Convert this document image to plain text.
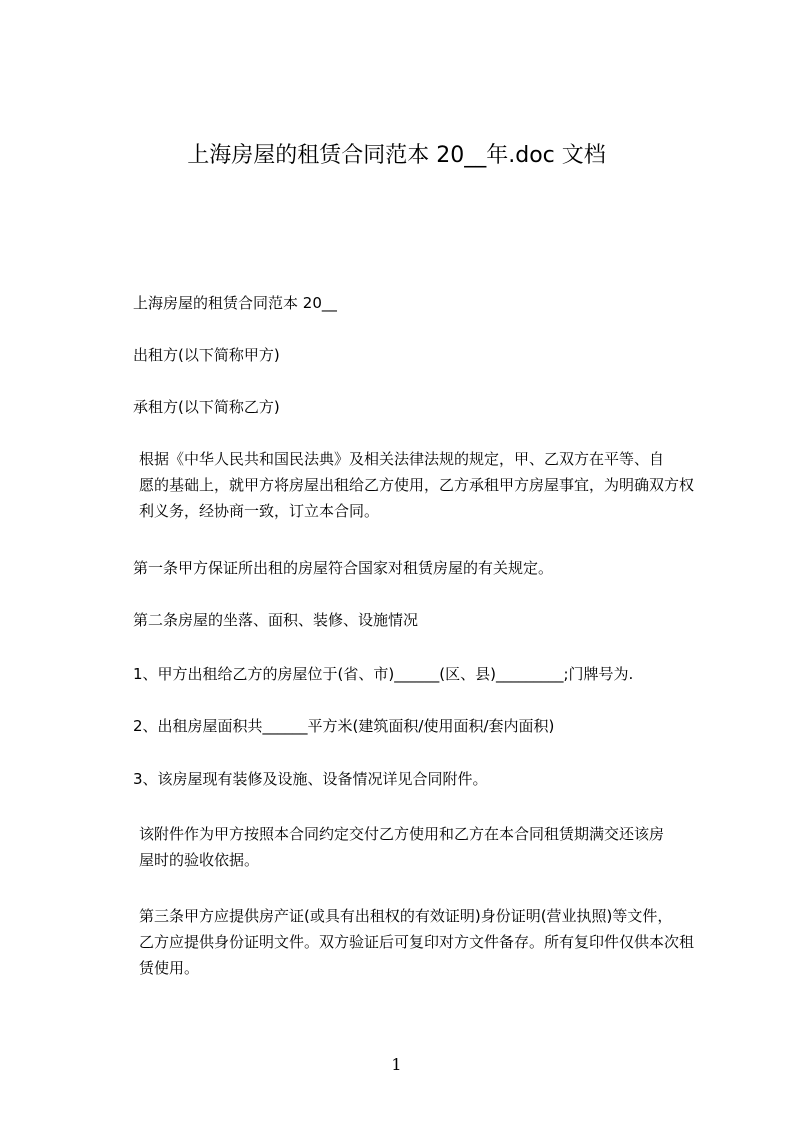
上海房屋的租赁合同范本 20__年.doc 文档

上海房屋的租赁合同范本 20__

出租方(以下简称甲方)

承租方(以下简称乙方)

根据《中华人民共和国民法典》及相关法律法规的规定，甲、乙双方在平等、自
愿的基础上，就甲方将房屋出租给乙方使用，乙方承租甲方房屋事宜，为明确双方权
利义务，经协商一致，订立本合同。

第一条甲方保证所出租的房屋符合国家对租赁房屋的有关规定。

第二条房屋的坐落、面积、装修、设施情况

1、甲方出租给乙方的房屋位于(省、市)______(区、县)_________;门牌号为.

2、出租房屋面积共______平方米(建筑面积/使用面积/套内面积)

3、该房屋现有装修及设施、设备情况详见合同附件。

该附件作为甲方按照本合同约定交付乙方使用和乙方在本合同租赁期满交还该房
屋时的验收依据。

第三条甲方应提供房产证(或具有出租权的有效证明)身份证明(营业执照)等文件，
乙方应提供身份证明文件。双方验证后可复印对方文件备存。所有复印件仅供本次租
赁使用。

1
